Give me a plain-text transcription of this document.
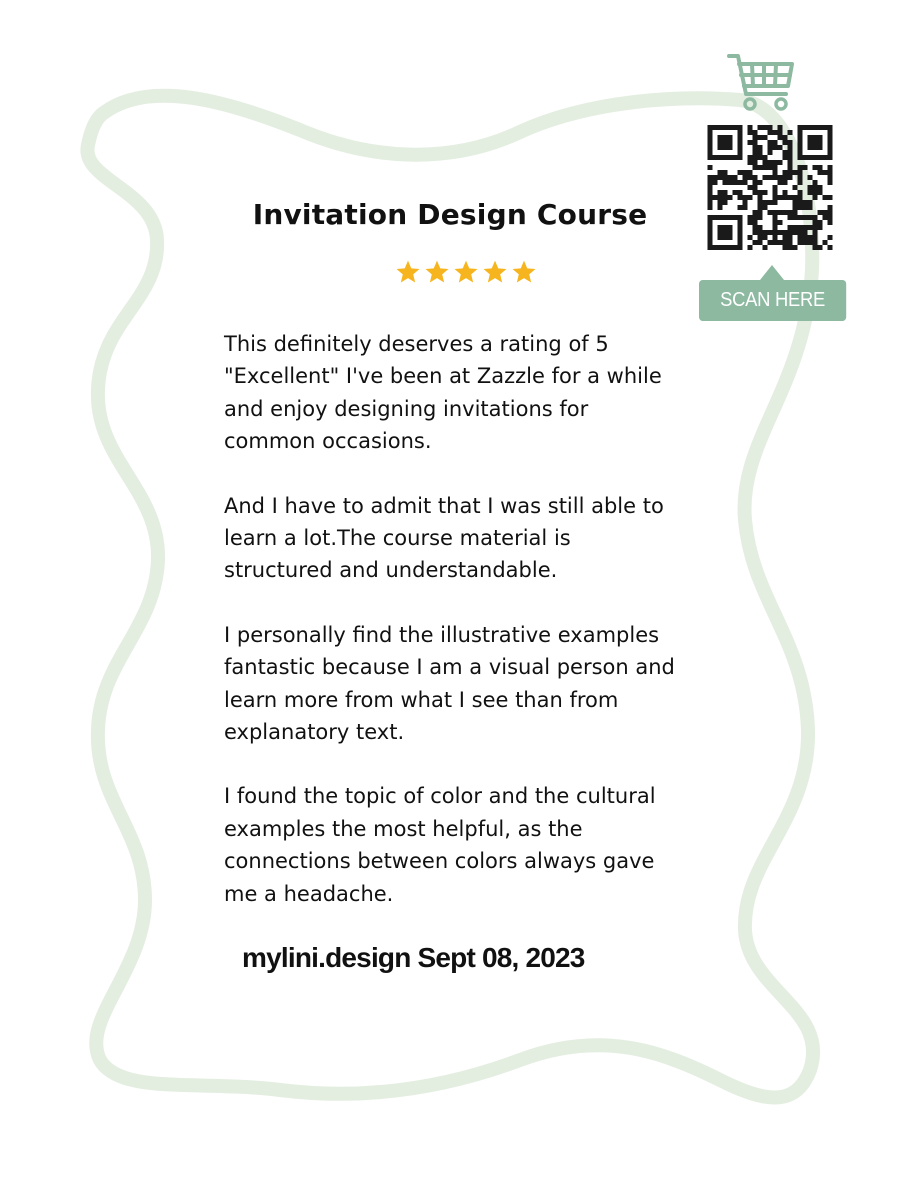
Invitation Design Course

This definitely deserves a rating of 5 "Excellent" I've been at Zazzle for a while and enjoy designing invitations for common occasions.

And I have to admit that I was still able to learn a lot.The course material is structured and understandable.

I personally find the illustrative examples fantastic because I am a visual person and learn more from what I see than from explanatory text.

I found the topic of color and the cultural examples the most helpful, as the connections between colors always gave me a headache.

mylini.design Sept 08, 2023
SCAN HERE
